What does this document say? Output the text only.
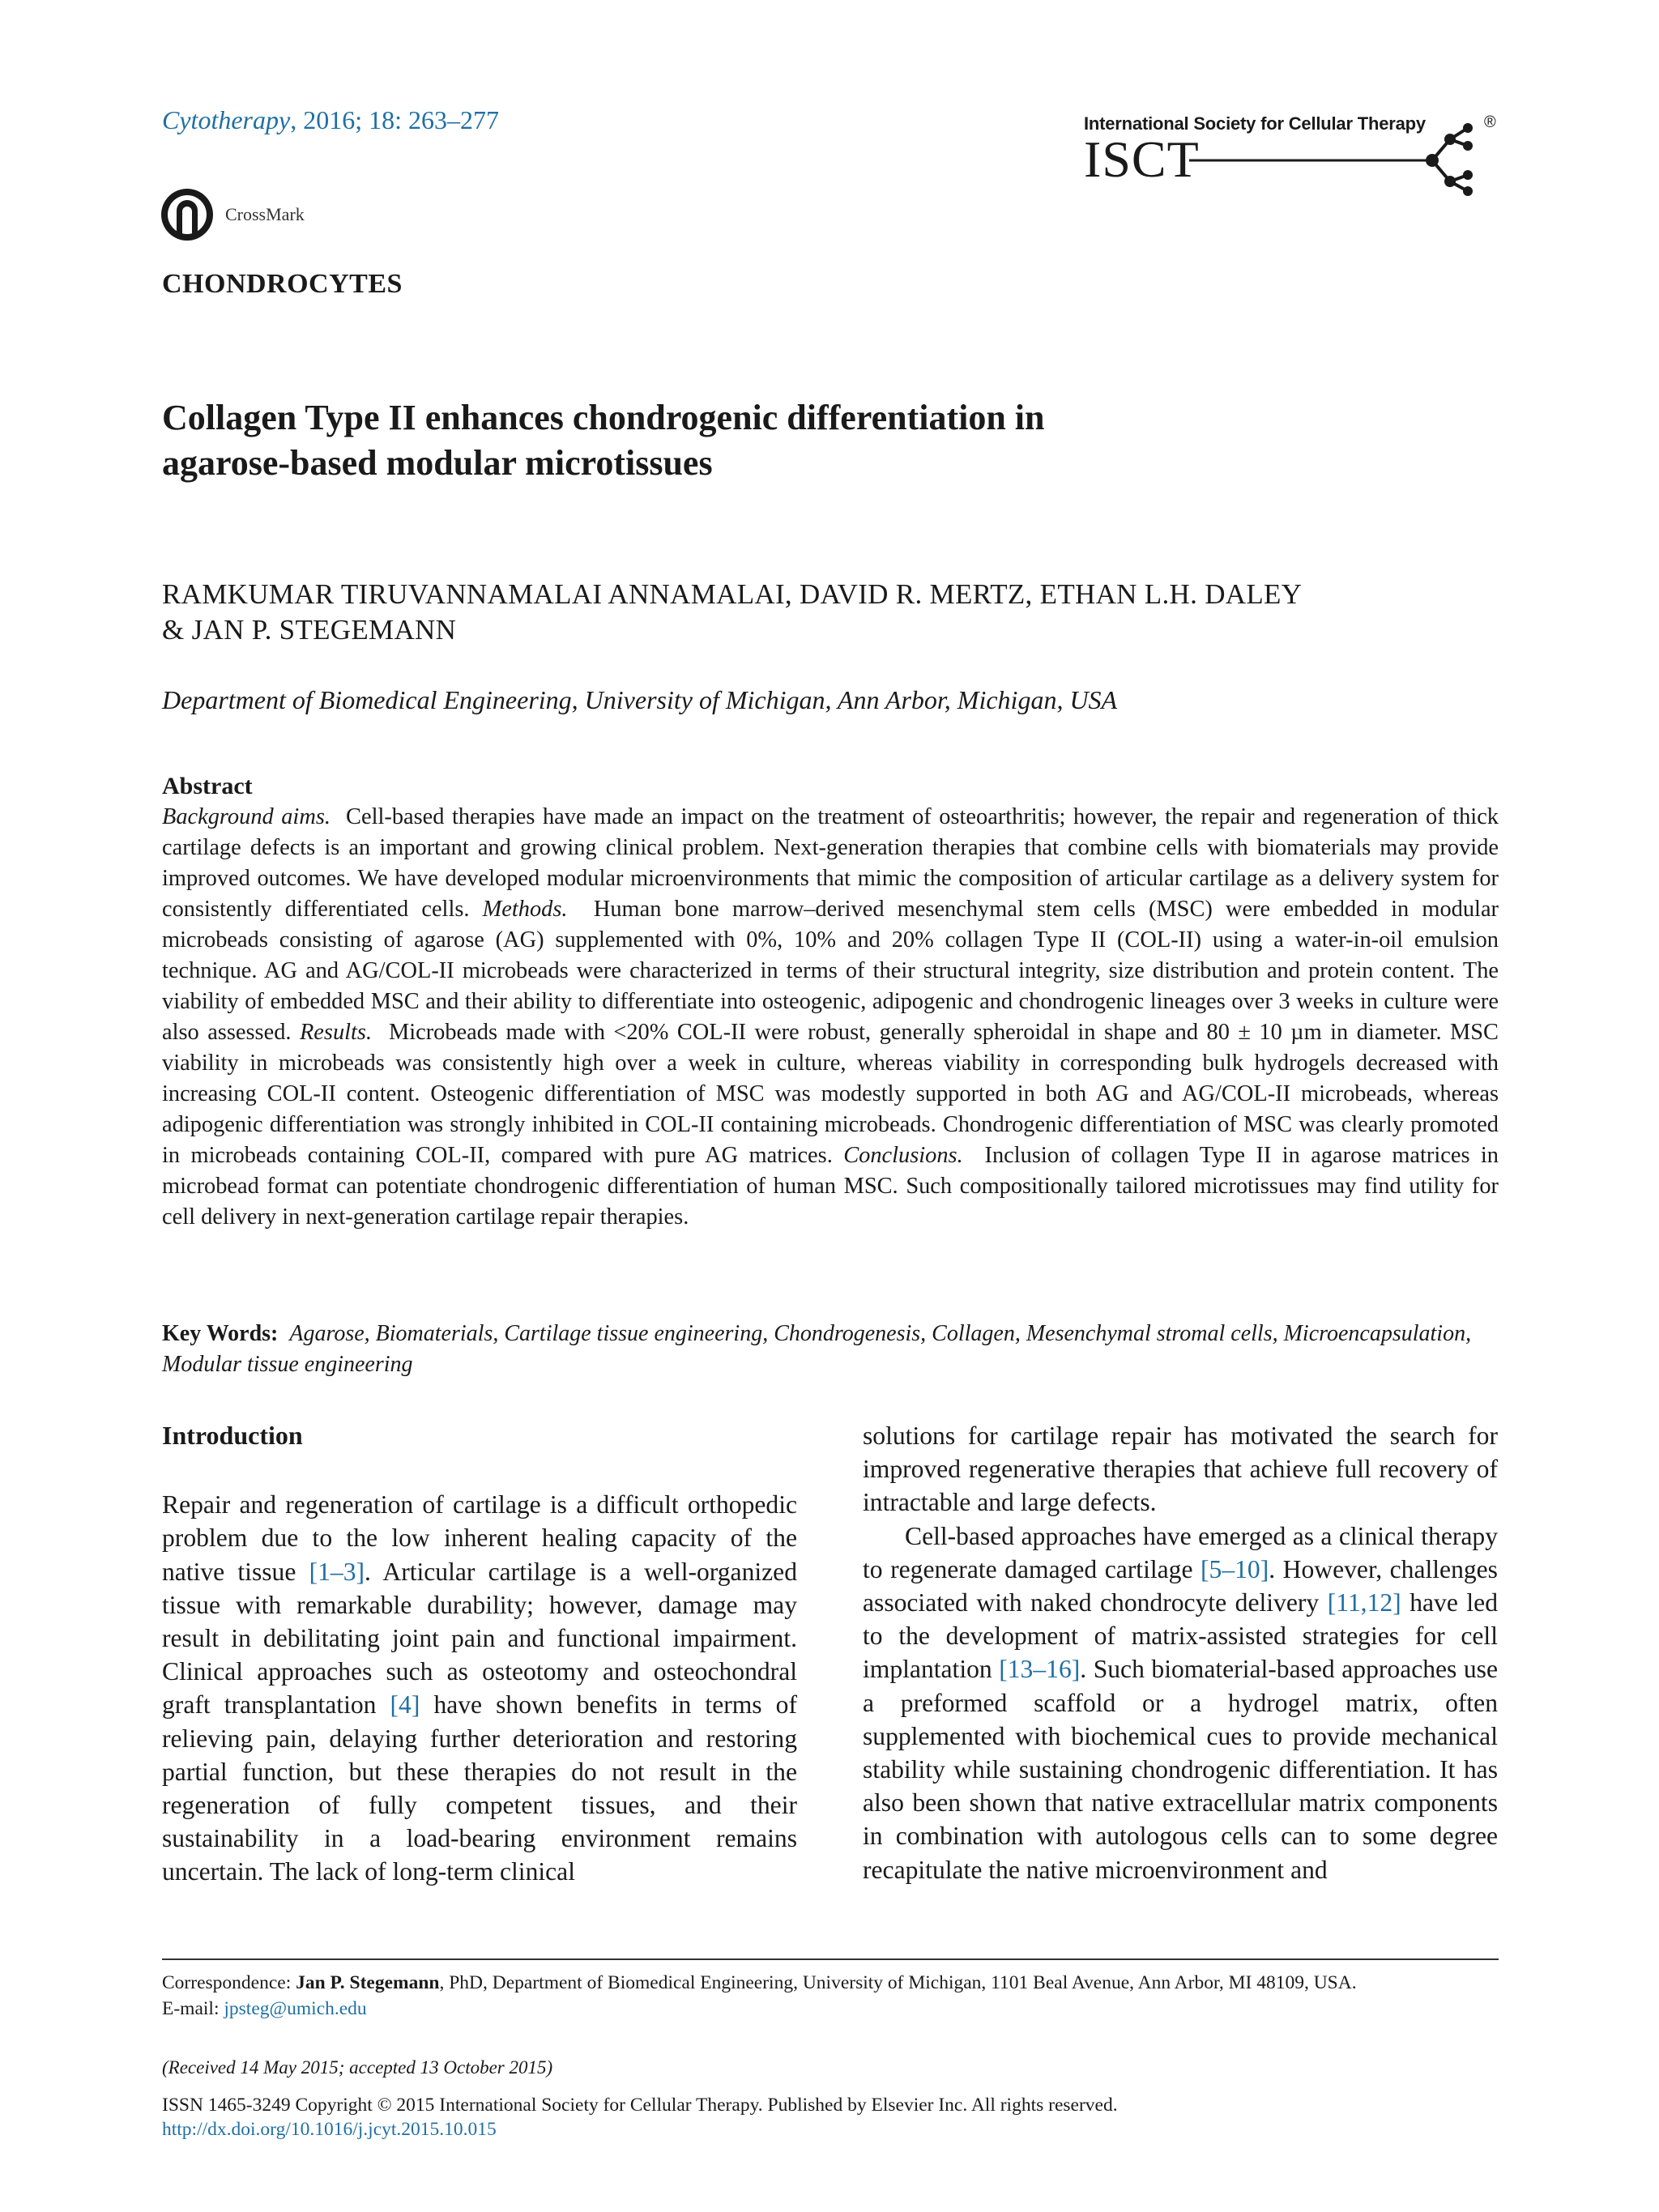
Cytotherapy, 2016; 18: 263–277
CrossMark
International Society for Cellular Therapy
ISCT
®
CHONDROCYTES
Collagen Type II enhances chondrogenic differentiation in
agarose-based modular microtissues
RAMKUMAR TIRUVANNAMALAI ANNAMALAI, DAVID R. MERTZ, ETHAN L.H. DALEY
& JAN P. STEGEMANN
Department of Biomedical Engineering, University of Michigan, Ann Arbor, Michigan, USA
Abstract
Background aims. Cell-based therapies have made an impact on the treatment of osteoarthritis; however, the repair and regeneration of thick cartilage defects is an important and growing clinical problem. Next-generation therapies that combine cells with biomaterials may provide improved outcomes. We have developed modular microenvironments that mimic the composition of articular cartilage as a delivery system for consistently differentiated cells. Methods. Human bone marrow–derived mesenchymal stem cells (MSC) were embedded in modular microbeads consisting of agarose (AG) supplemented with 0%, 10% and 20% collagen Type II (COL-II) using a water-in-oil emulsion technique. AG and AG/COL-II microbeads were characterized in terms of their structural integrity, size distribution and protein content. The viability of embedded MSC and their ability to differentiate into osteogenic, adipogenic and chondrogenic lineages over 3 weeks in culture were also assessed. Results. Microbeads made with <20% COL-II were robust, generally spheroidal in shape and 80 ± 10 µm in diameter. MSC viability in microbeads was consistently high over a week in culture, whereas viability in corresponding bulk hydrogels decreased with increasing COL-II content. Osteogenic differentiation of MSC was modestly supported in both AG and AG/COL-II microbeads, whereas adipogenic differentiation was strongly inhibited in COL-II containing microbeads. Chondrogenic differentiation of MSC was clearly promoted in microbeads containing COL-II, compared with pure AG matrices. Conclusions. Inclusion of collagen Type II in agarose matrices in microbead format can potentiate chondrogenic differentiation of human MSC. Such compositionally tailored microtissues may find utility for cell delivery in next-generation cartilage repair therapies.
Key Words: Agarose, Biomaterials, Cartilage tissue engineering, Chondrogenesis, Collagen, Mesenchymal stromal cells, Microencapsulation, Modular tissue engineering
Introduction

Repair and regeneration of cartilage is a difficult orthopedic problem due to the low inherent healing capacity of the native tissue [1–3]. Articular cartilage is a well-organized tissue with remarkable durability; however, damage may result in debilitating joint pain and functional impairment. Clinical approaches such as osteotomy and osteochondral graft transplantation [4] have shown benefits in terms of relieving pain, delaying further deterioration and restoring partial function, but these therapies do not result in the regeneration of fully competent tissues, and their sustainability in a load-bearing environment remains uncertain. The lack of long-term clinical

solutions for cartilage repair has motivated the search for improved regenerative therapies that achieve full recovery of intractable and large defects.

Cell-based approaches have emerged as a clinical therapy to regenerate damaged cartilage [5–10]. However, challenges associated with naked chondrocyte delivery [11,12] have led to the development of matrix-assisted strategies for cell implantation [13–16]. Such biomaterial-based approaches use a preformed scaffold or a hydrogel matrix, often supplemented with biochemical cues to provide mechanical stability while sustaining chondrogenic differentiation. It has also been shown that native extracellular matrix components in combination with autologous cells can to some degree recapitulate the native microenvironment and

Correspondence: Jan P. Stegemann, PhD, Department of Biomedical Engineering, University of Michigan, 1101 Beal Avenue, Ann Arbor, MI 48109, USA.
E-mail: jpsteg@umich.edu
(Received 14 May 2015; accepted 13 October 2015)
ISSN 1465-3249 Copyright © 2015 International Society for Cellular Therapy. Published by Elsevier Inc. All rights reserved.
http://dx.doi.org/10.1016/j.jcyt.2015.10.015
